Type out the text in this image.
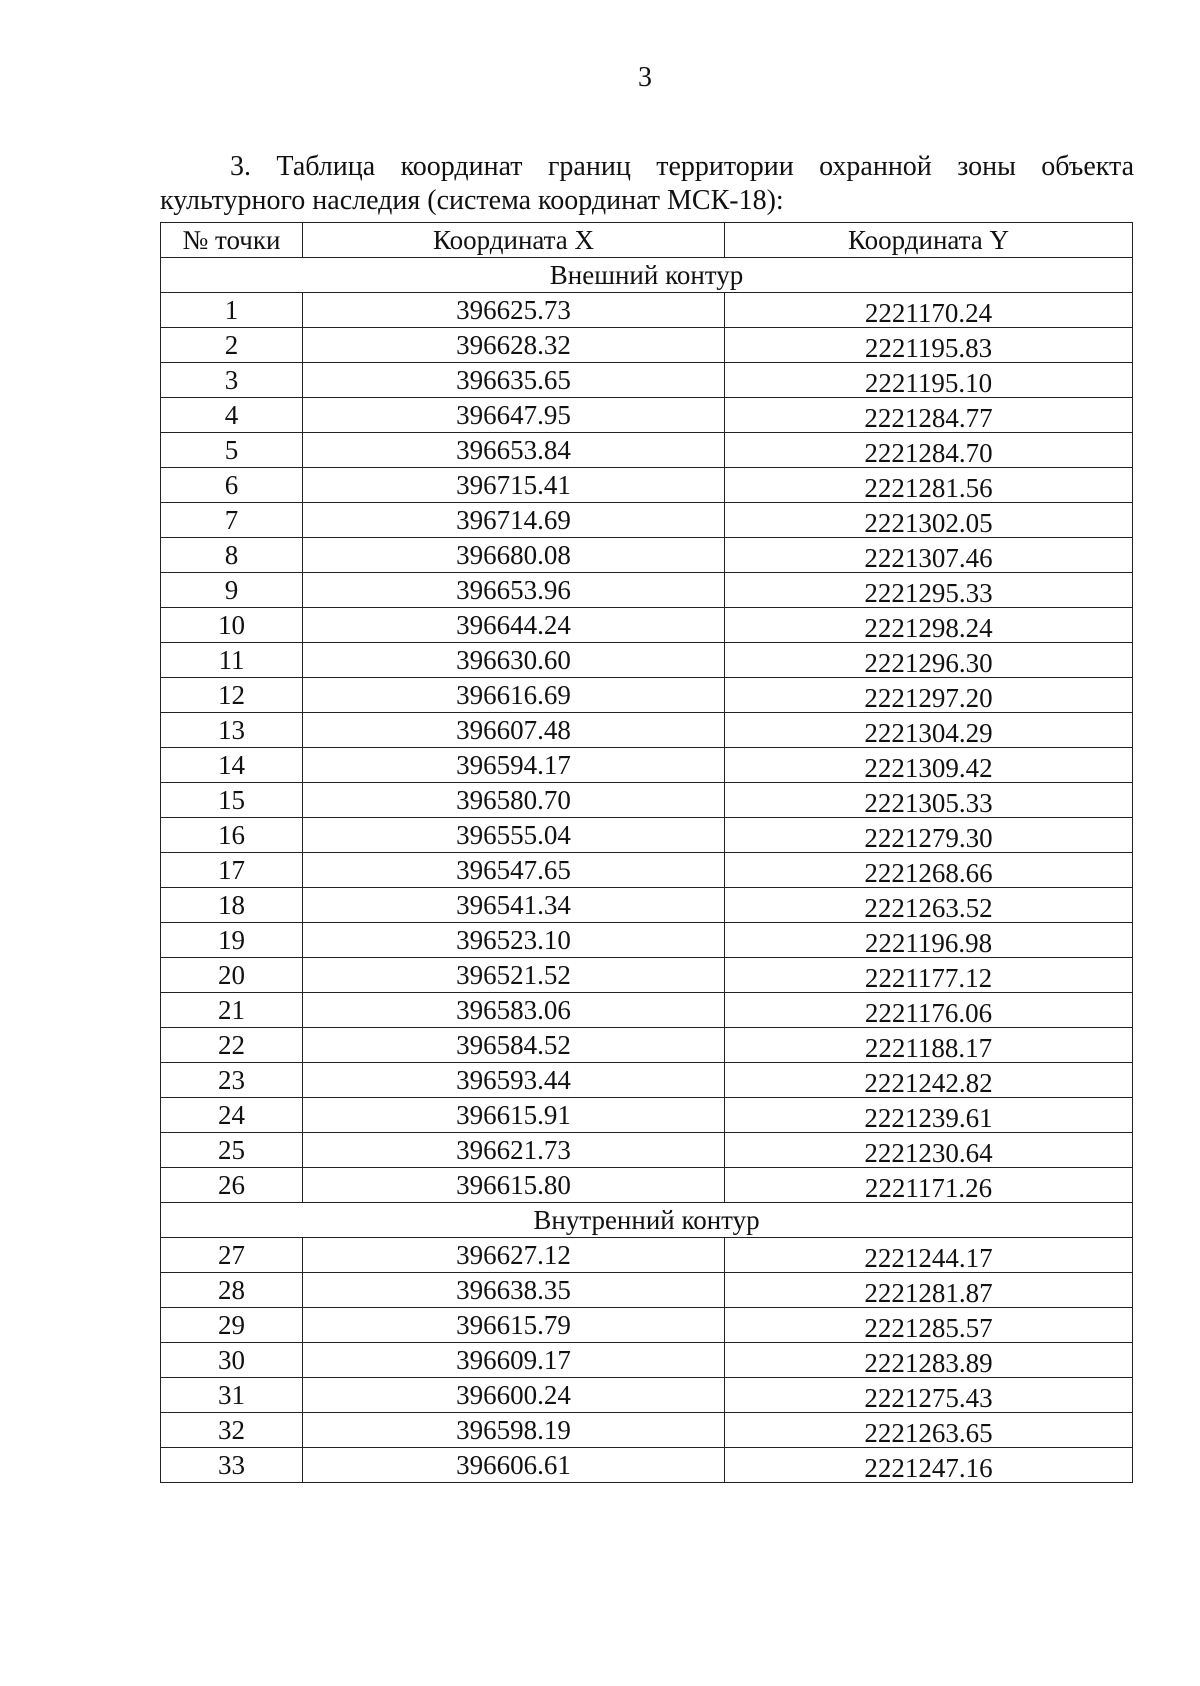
3

3. Таблица координат границ территории охранной зоны объекта культурного наследия (система координат МСК-18):

№ точки	Координата X	Координата Y
Внешний контур		
1	396625.73	2221170.24
2	396628.32	2221195.83
3	396635.65	2221195.10
4	396647.95	2221284.77
5	396653.84	2221284.70
6	396715.41	2221281.56
7	396714.69	2221302.05
8	396680.08	2221307.46
9	396653.96	2221295.33
10	396644.24	2221298.24
11	396630.60	2221296.30
12	396616.69	2221297.20
13	396607.48	2221304.29
14	396594.17	2221309.42
15	396580.70	2221305.33
16	396555.04	2221279.30
17	396547.65	2221268.66
18	396541.34	2221263.52
19	396523.10	2221196.98
20	396521.52	2221177.12
21	396583.06	2221176.06
22	396584.52	2221188.17
23	396593.44	2221242.82
24	396615.91	2221239.61
25	396621.73	2221230.64
26	396615.80	2221171.26
Внутренний контур		
27	396627.12	2221244.17
28	396638.35	2221281.87
29	396615.79	2221285.57
30	396609.17	2221283.89
31	396600.24	2221275.43
32	396598.19	2221263.65
33	396606.61	2221247.16
